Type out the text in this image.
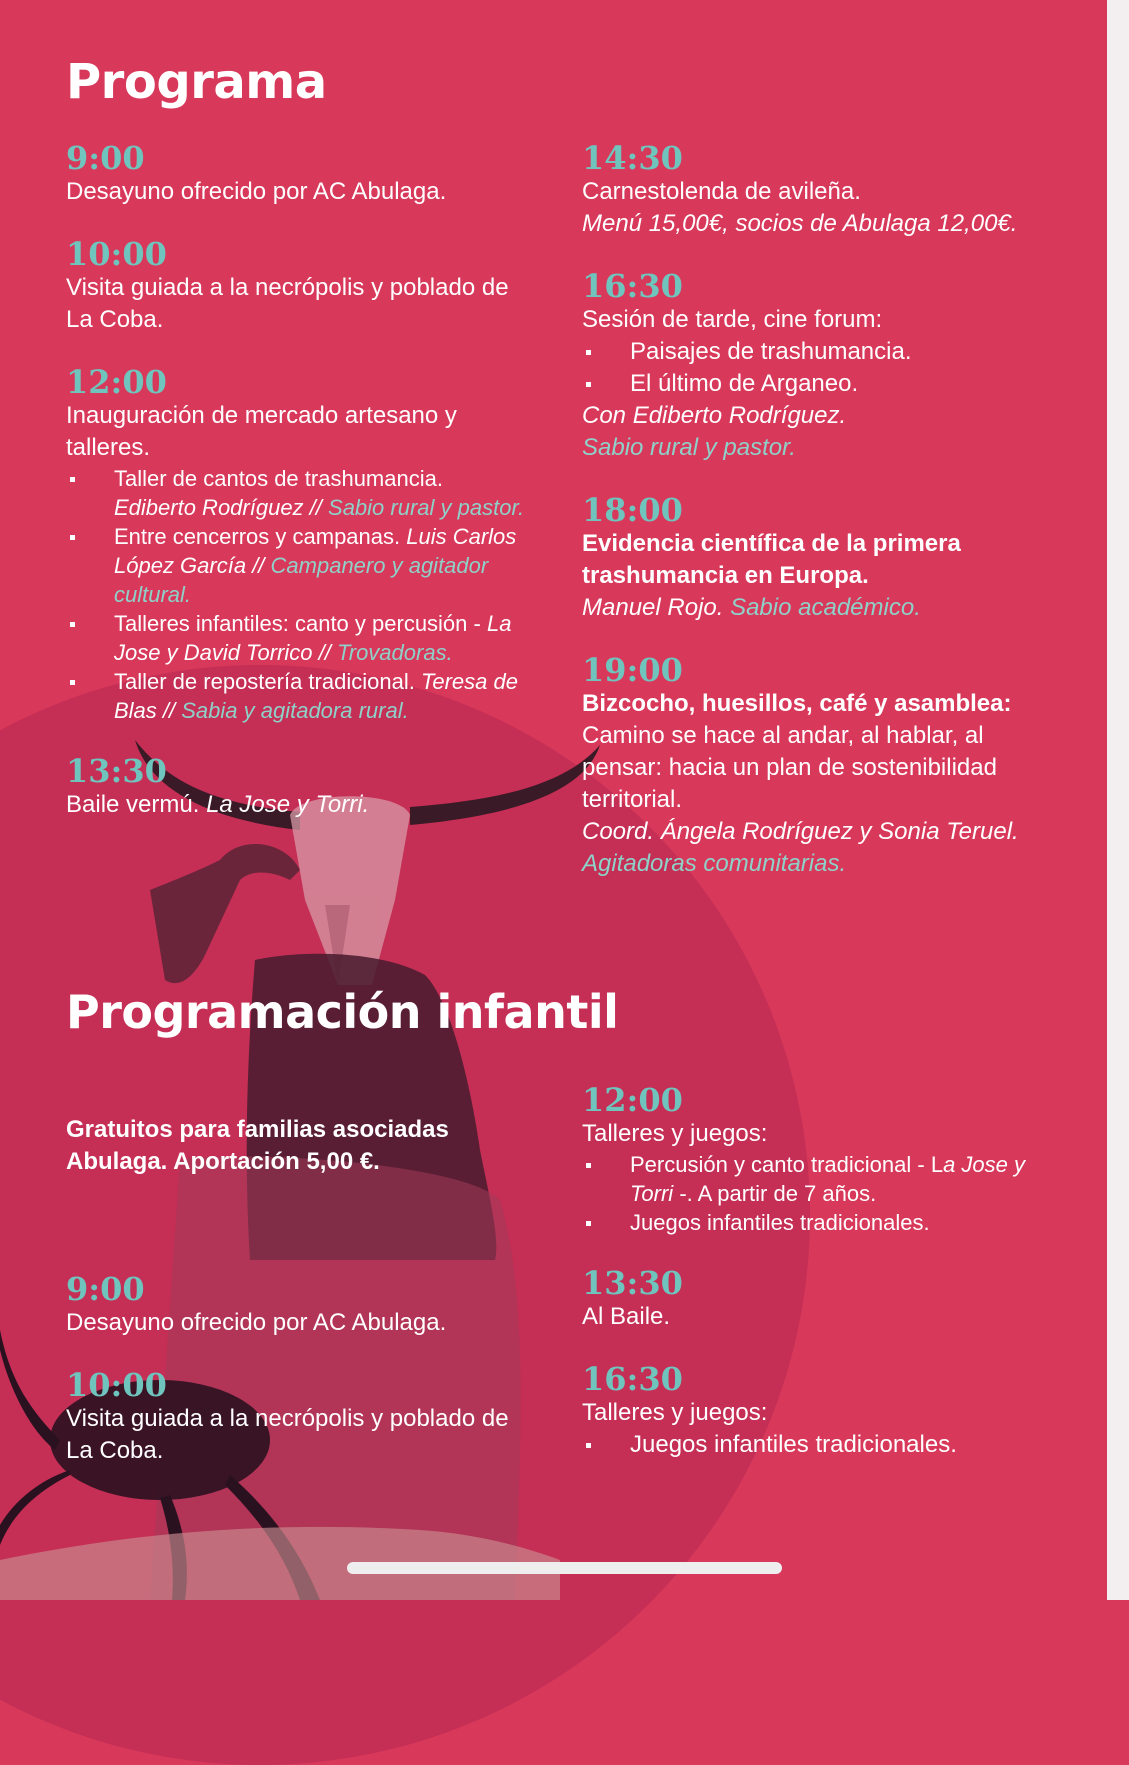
Programa
9:00
Desayuno ofrecido por AC Abulaga.
10:00
Visita guiada a la necrópolis y poblado de La Coba.
12:00
Inauguración de mercado artesano y talleres.
Taller de cantos de trashumancia. Ediberto Rodríguez // Sabio rural y pastor.
Entre cencerros y campanas. Luis Carlos López García // Campanero y agitador cultural.
Talleres infantiles: canto y percusión - La Jose y David Torrico // Trovadoras.
Taller de repostería tradicional. Teresa de Blas // Sabia y agitadora rural.
13:30
Baile vermú. La Jose y Torri.
14:30
Carnestolenda de avileña.
Menú 15,00€, socios de Abulaga 12,00€.
16:30
Sesión de tarde, cine forum:
Paisajes de trashumancia.
El último de Arganeo.
Con Ediberto Rodríguez.
Sabio rural y pastor.
18:00
Evidencia científica de la primera trashumancia en Europa.
Manuel Rojo. Sabio académico.
19:00
Bizcocho, huesillos, café y asamblea:
Camino se hace al andar, al hablar, al pensar: hacia un plan de sostenibilidad territorial.
Coord. Ángela Rodríguez y Sonia Teruel.
Agitadoras comunitarias.
Programación infantil
Gratuitos para familias asociadas Abulaga. Aportación 5,00 €.
9:00
Desayuno ofrecido por AC Abulaga.
10:00
Visita guiada a la necrópolis y poblado de La Coba.
12:00
Talleres y juegos:
Percusión y canto tradicional - La Jose y Torri -. A partir de 7 años.
Juegos infantiles tradicionales.
13:30
Al Baile.
16:30
Talleres y juegos:
Juegos infantiles tradicionales.
